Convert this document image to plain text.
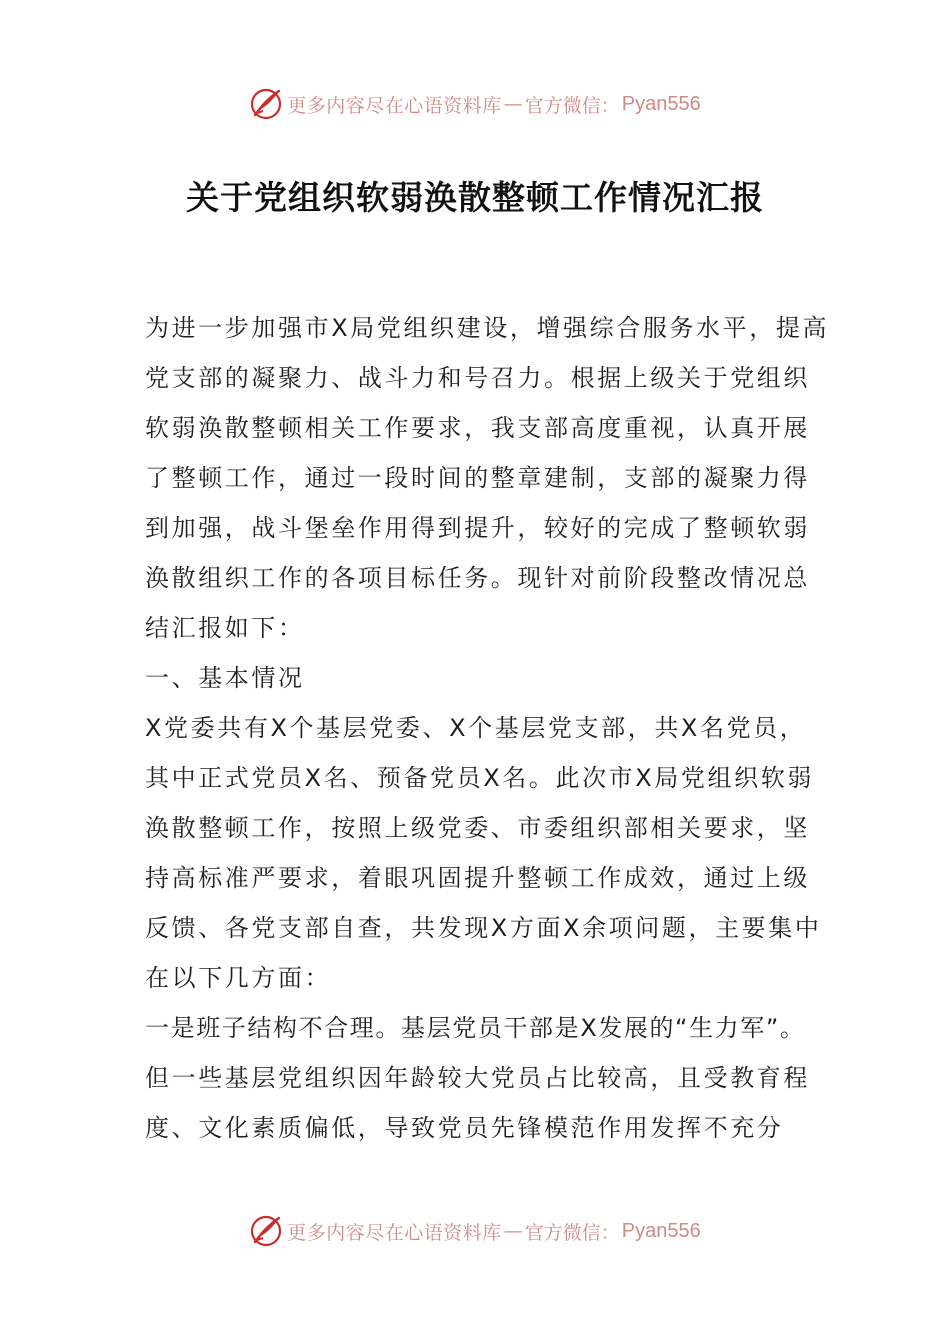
更多内容尽在心语资料库 — 官方微信： Pyan556
关于党组织软弱涣散整顿工作情况汇报
为进一步加强市X局党组织建设，增强综合服务水平，提高
党支部的凝聚力、战斗力和号召力。根据上级关于党组织
软弱涣散整顿相关工作要求，我支部高度重视，认真开展
了整顿工作，通过一段时间的整章建制，支部的凝聚力得
到加强，战斗堡垒作用得到提升，较好的完成了整顿软弱
涣散组织工作的各项目标任务。现针对前阶段整改情况总
结汇报如下：
一、基本情况
X党委共有X个基层党委、X个基层党支部，共X名党员，
其中正式党员X名、预备党员X名。此次市X局党组织软弱
涣散整顿工作，按照上级党委、市委组织部相关要求，坚
持高标准严要求，着眼巩固提升整顿工作成效，通过上级
反馈、各党支部自查，共发现X方面X余项问题，主要集中
在以下几方面：
一是班子结构不合理。基层党员干部是X发展的“生力军”。
但一些基层党组织因年龄较大党员占比较高，且受教育程
度、文化素质偏低，导致党员先锋模范作用发挥不充分
更多内容尽在心语资料库 — 官方微信： Pyan556
